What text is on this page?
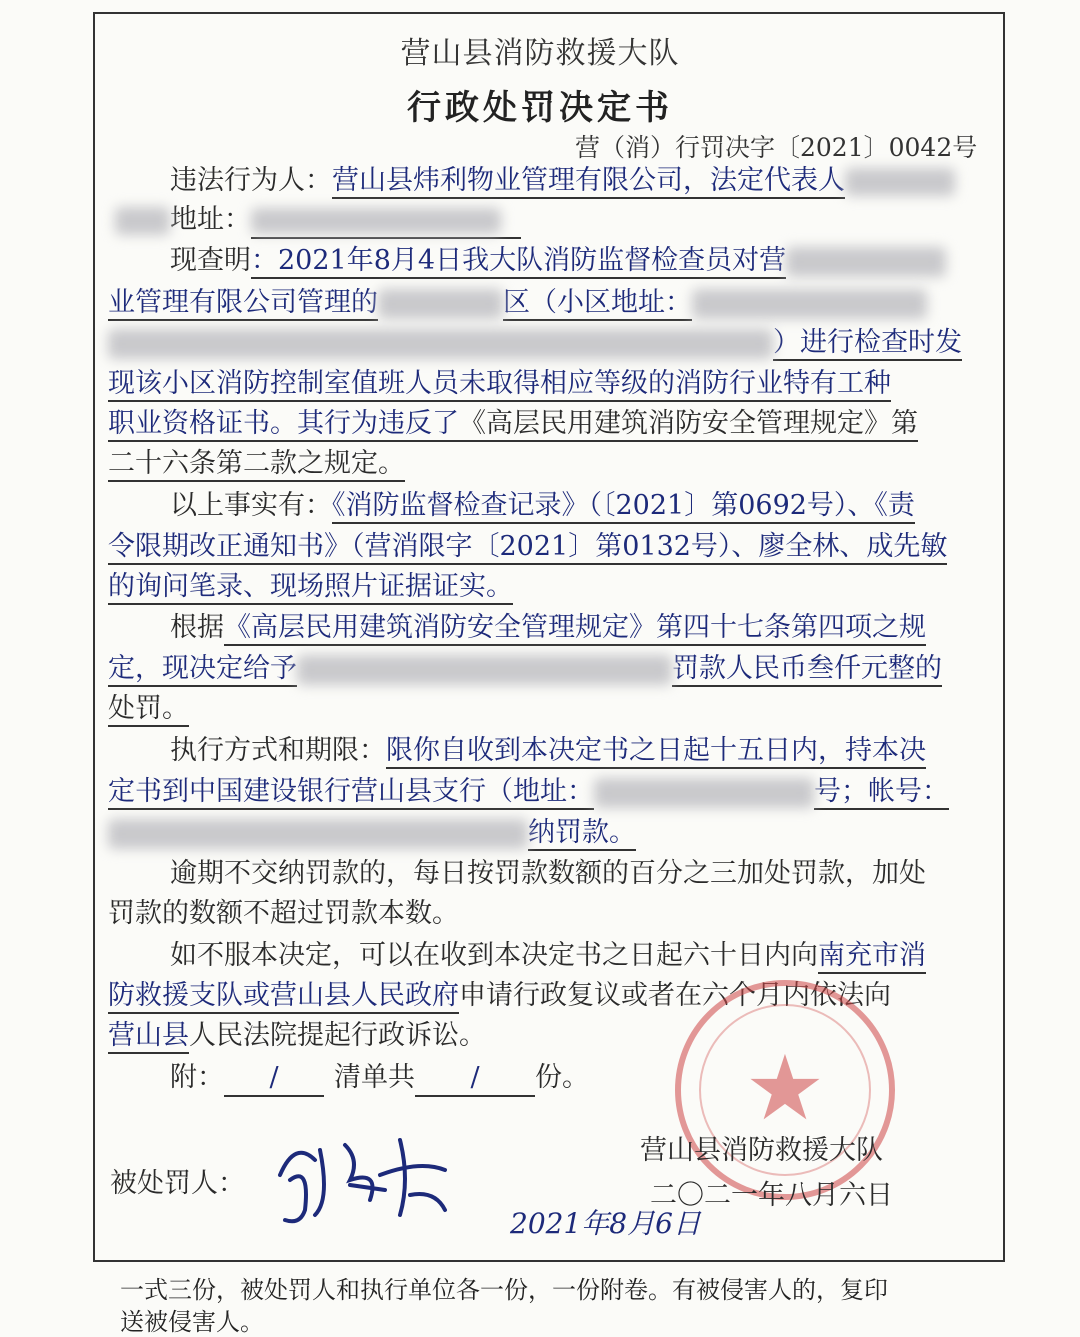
营山县消防救援大队
行政处罚决定书
营（消）行罚决字〔2021〕0042号
违法行为人：营山县炜利物业管理有限公司，法定代表人
地址：
现查明：2021年8月4日我大队消防监督检查员对营
业管理有限公司管理的	区（小区地址：
）进行检查时发
现该小区消防控制室值班人员未取得相应等级的消防行业特有工种
职业资格证书。其行为违反了《高层民用建筑消防安全管理规定》第
二十六条第二款之规定。
以上事实有：《消防监督检查记录》（〔2021〕第0692号）、《责
令限期改正通知书》（营消限字〔2021〕第0132号）、廖全林、成先敏
的询问笔录、现场照片证据证实。
根据《高层民用建筑消防安全管理规定》第四十七条第四项之规
定，现决定给予	罚款人民币叁仟元整的
处罚。
执行方式和期限：限你自收到本决定书之日起十五日内，持本决
定书到中国建设银行营山县支行（地址：	号；帐号：
纳罚款。
逾期不交纳罚款的，每日按罚款数额的百分之三加处罚款，加处
罚款的数额不超过罚款本数。
如不服本决定，可以在收到本决定书之日起六十日内向南充市消
防救援支队或营山县人民政府申请行政复议或者在六个月内依法向
营山县人民法院提起行政诉讼。
附： / 清单共 / 份。	★
营山县消防救援大队
二〇二一年八月六日
被处罚人：
2021年8月6日
一式三份，被处罚人和执行单位各一份，一份附卷。有被侵害人的，复印
送被侵害人。
